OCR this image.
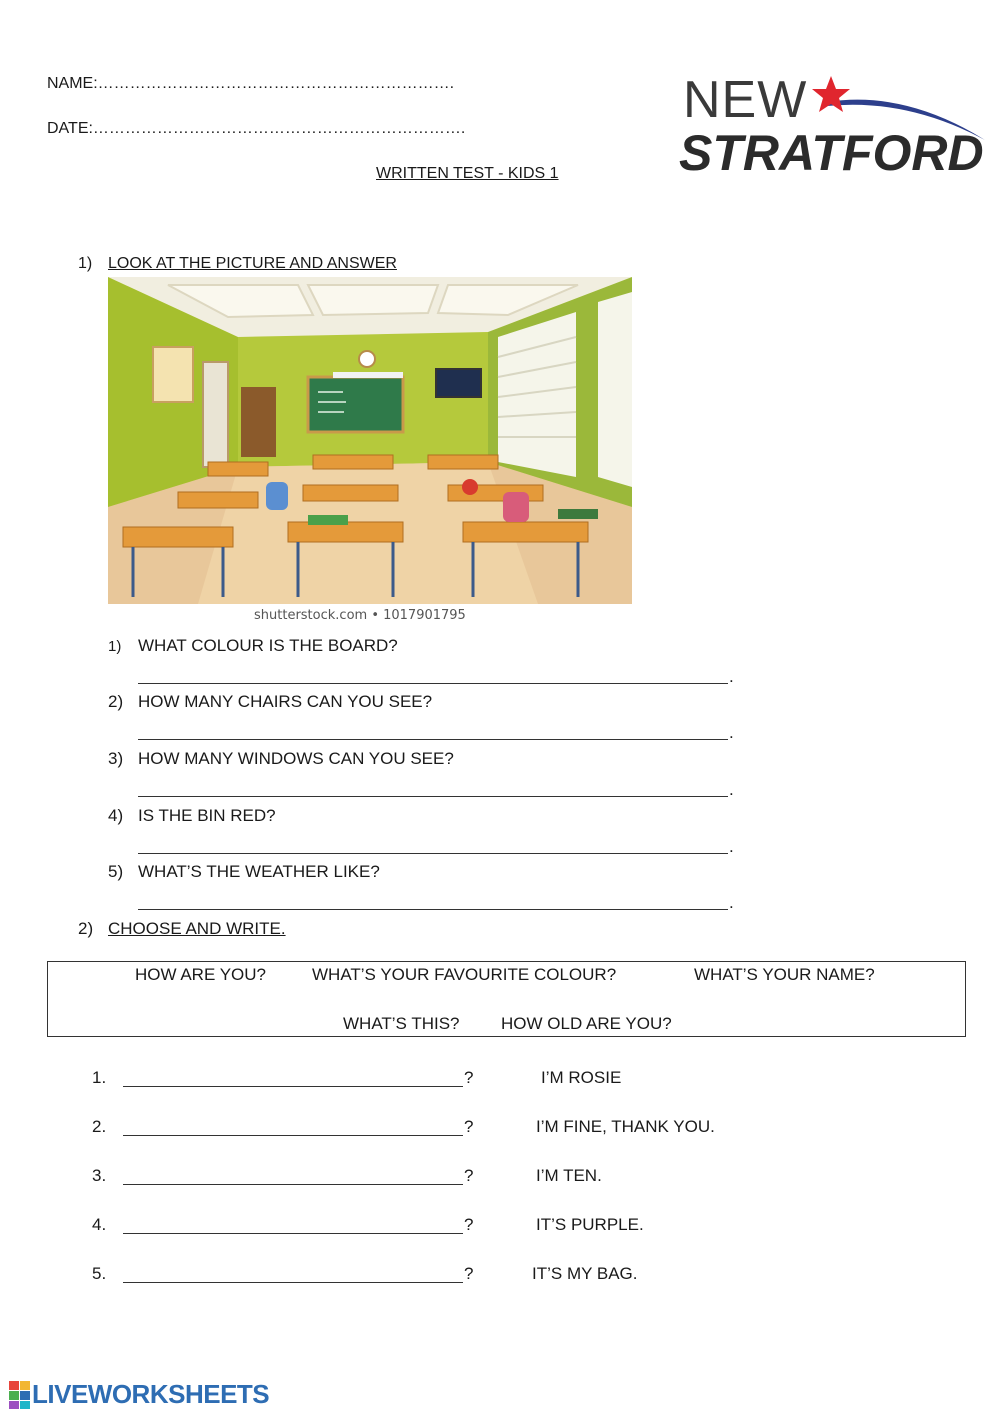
NAME:………………………………………………………….
DATE:…………………………………………………………….
WRITTEN TEST - KIDS 1
NEW
STRATFORD
1) LOOK AT THE PICTURE AND ANSWER
shutterstock.com • 1017901795
1) WHAT COLOUR IS THE BOARD?
.
2) HOW MANY CHAIRS CAN YOU SEE?
.
3) HOW MANY WINDOWS CAN YOU SEE?
.
4) IS THE BIN RED?
.
5) WHAT’S THE WEATHER LIKE?
.
2) CHOOSE AND WRITE.
HOW ARE YOU?	WHAT’S YOUR FAVOURITE COLOUR?	WHAT’S YOUR NAME?
WHAT’S THIS? HOW OLD ARE YOU?
1.	?	I’M ROSIE
2.	?	I’M FINE, THANK YOU.
3.	?	I’M TEN.
4.	?	IT’S PURPLE.
5.	?	IT’S MY BAG.
LIVEWORKSHEETS
